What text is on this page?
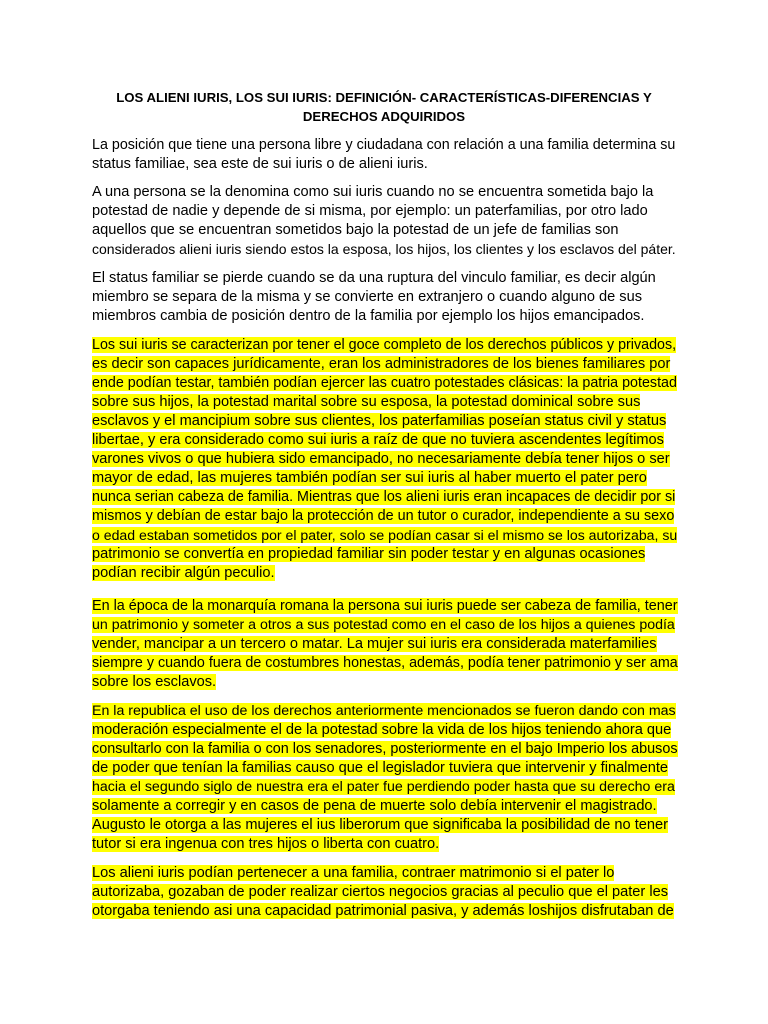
LOS ALIENI IURIS, LOS SUI IURIS: DEFINICIÓN- CARACTERÍSTICAS-DIFERENCIAS Y
DERECHOS ADQUIRIDOS
La posición que tiene una persona libre y ciudadana con relación a una familia determina su
status familiae, sea este de sui iuris o de alieni iuris.
A una persona se la denomina como sui iuris cuando no se encuentra sometida bajo la
potestad de nadie y depende de si misma, por ejemplo: un paterfamilias, por otro lado
aquellos que se encuentran sometidos bajo la potestad de un jefe de familias son
considerados alieni iuris siendo estos la esposa, los hijos, los clientes y los esclavos del páter.
El status familiar se pierde cuando se da una ruptura del vinculo familiar, es decir algún
miembro se separa de la misma y se convierte en extranjero o cuando alguno de sus
miembros cambia de posición dentro de la familia por ejemplo los hijos emancipados.
Los sui iuris se caracterizan por tener el goce completo de los derechos públicos y privados,
es decir son capaces jurídicamente, eran los administradores de los bienes familiares por
ende podían testar, también podían ejercer las cuatro potestades clásicas: la patria potestad
sobre sus hijos, la potestad marital sobre su esposa, la potestad dominical sobre sus
esclavos y el mancipium sobre sus clientes, los paterfamilias poseían status civil y status
libertae, y era considerado como sui iuris a raíz de que no tuviera ascendentes legítimos
varones vivos o que hubiera sido emancipado, no necesariamente debía tener hijos o ser
mayor de edad, las mujeres también podían ser sui iuris al haber muerto el pater pero
nunca serian cabeza de familia. Mientras que los alieni iuris eran incapaces de decidir por si
mismos y debían de estar bajo la protección de un tutor o curador, independiente a su sexo
o edad estaban sometidos por el pater, solo se podían casar si el mismo se los autorizaba, su
patrimonio se convertía en propiedad familiar sin poder testar y en algunas ocasiones
podían recibir algún peculio.
En la época de la monarquía romana la persona sui iuris puede ser cabeza de familia, tener
un patrimonio y someter a otros a sus potestad como en el caso de los hijos a quienes podía
vender, mancipar a un tercero o matar. La mujer sui iuris era considerada materfamilies
siempre y cuando fuera de costumbres honestas, además, podía tener patrimonio y ser ama
sobre los esclavos.
En la republica el uso de los derechos anteriormente mencionados se fueron dando con mas
moderación especialmente el de la potestad sobre la vida de los hijos teniendo ahora que
consultarlo con la familia o con los senadores, posteriormente en el bajo Imperio los abusos
de poder que tenían la familias causo que el legislador tuviera que intervenir y finalmente
hacia el segundo siglo de nuestra era el pater fue perdiendo poder hasta que su derecho era
solamente a corregir y en casos de pena de muerte solo debía intervenir el magistrado.
Augusto le otorga a las mujeres el ius liberorum que significaba la posibilidad de no tener
tutor si era ingenua con tres hijos o liberta con cuatro.
Los alieni iuris podían pertenecer a una familia, contraer matrimonio si el pater lo
autorizaba, gozaban de poder realizar ciertos negocios gracias al peculio que el pater les
otorgaba teniendo asi una capacidad patrimonial pasiva, y además loshijos disfrutaban de
